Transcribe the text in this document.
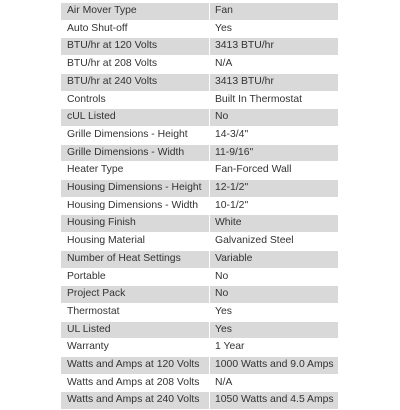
Air Mover Type	Fan
Auto Shut-off	Yes
BTU/hr at 120 Volts	3413 BTU/hr
BTU/hr at 208 Volts	N/A
BTU/hr at 240 Volts	3413 BTU/hr
Controls	Built In Thermostat
cUL Listed	No
Grille Dimensions - Height	14-3/4"
Grille Dimensions - Width	11-9/16"
Heater Type	Fan-Forced Wall
Housing Dimensions - Height	12-1/2"
Housing Dimensions - Width	10-1/2"
Housing Finish	White
Housing Material	Galvanized Steel
Number of Heat Settings	Variable
Portable	No
Project Pack	No
Thermostat	Yes
UL Listed	Yes
Warranty	1 Year
Watts and Amps at 120 Volts	1000 Watts and 9.0 Amps
Watts and Amps at 208 Volts	N/A
Watts and Amps at 240 Volts	1050 Watts and 4.5 Amps
